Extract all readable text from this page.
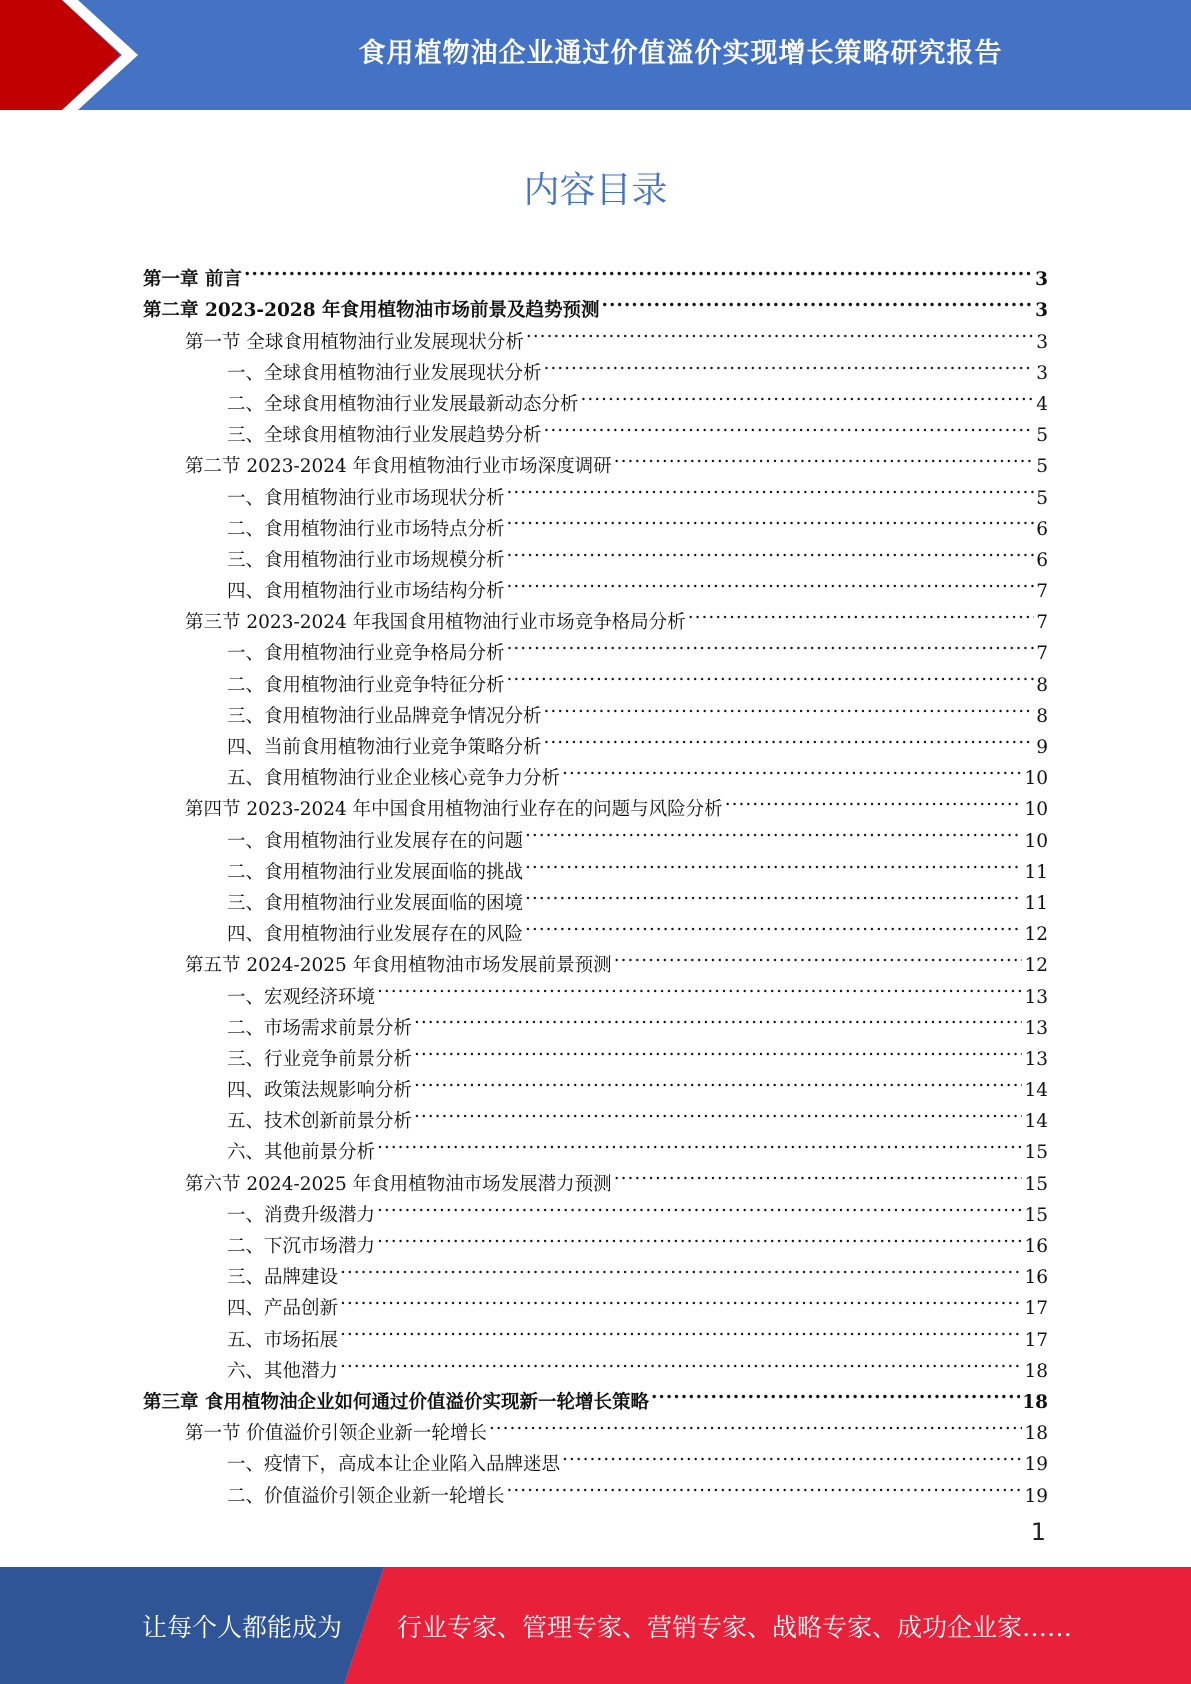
食用植物油企业通过价值溢价实现增长策略研究报告
内容目录
第一章 前言 .....	3
第二章 2023-2028 年食用植物油市场前景及趋势预测 .....	3
第一节 全球食用植物油行业发展现状分析 .....	3
一、全球食用植物油行业发展现状分析 .....	3
二、全球食用植物油行业发展最新动态分析 .....	4
三、全球食用植物油行业发展趋势分析 .....	5
第二节 2023-2024 年食用植物油行业市场深度调研 .....	5
一、食用植物油行业市场现状分析 .....	5
二、食用植物油行业市场特点分析 .....	6
三、食用植物油行业市场规模分析 .....	6
四、食用植物油行业市场结构分析 .....	7
第三节 2023-2024 年我国食用植物油行业市场竞争格局分析 .....	7
一、食用植物油行业竞争格局分析 .....	7
二、食用植物油行业竞争特征分析 .....	8
三、食用植物油行业品牌竞争情况分析 .....	8
四、当前食用植物油行业竞争策略分析 .....	9
五、食用植物油行业企业核心竞争力分析 .....	10
第四节 2023-2024 年中国食用植物油行业存在的问题与风险分析 .....	10
一、食用植物油行业发展存在的问题 .....	10
二、食用植物油行业发展面临的挑战 .....	11
三、食用植物油行业发展面临的困境 .....	11
四、食用植物油行业发展存在的风险 .....	12
第五节 2024-2025 年食用植物油市场发展前景预测 .....	12
一、宏观经济环境 .....	13
二、市场需求前景分析 .....	13
三、行业竞争前景分析 .....	13
四、政策法规影响分析 .....	14
五、技术创新前景分析 .....	14
六、其他前景分析 .....	15
第六节 2024-2025 年食用植物油市场发展潜力预测 .....	15
一、消费升级潜力 .....	15
二、下沉市场潜力 .....	16
三、品牌建设 .....	16
四、产品创新 .....	17
五、市场拓展 .....	17
六、其他潜力 .....	18
第三章 食用植物油企业如何通过价值溢价实现新一轮增长策略 .....	18
第一节 价值溢价引领企业新一轮增长 .....	18
一、疫情下，高成本让企业陷入品牌迷思 .....	19
二、价值溢价引领企业新一轮增长 .....	19
1
让每个人都能成为 行业专家、管理专家、营销专家、战略专家、成功企业家……
